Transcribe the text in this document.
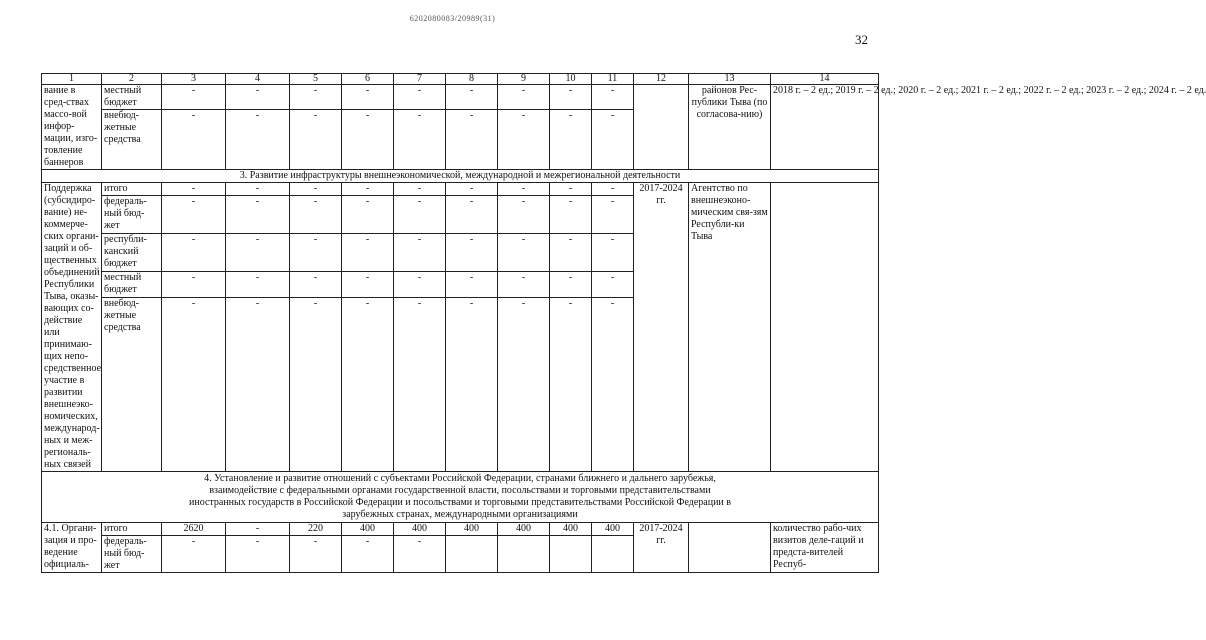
6202080083/20989(31)
32
1	2	3	4	5	6	7	8	9	10	11	12	13	14
вание в сред-ствах массо-вой инфор-мации, изго-товление баннеров	местный бюджет	-	-	-	-	-	-	-	-	-		районов Рес-публики Тыва (по согласова-нию)	2018 г. – 2 ед.; 2019 г. – 2 ед.; 2020 г. – 2 ед.; 2021 г. – 2 ед.; 2022 г. – 2 ед.; 2023 г. – 2 ед.; 2024 г. – 2 ед.
	внебюд-жетные средства	-	-	-	-	-	-	-	-	-			
3. Развитие инфраструктуры внешнеэкономической, международной и межрегиональной деятельности													
Поддержка (субсидиро-вание) не-коммерче-ских органи-заций и об-щественных объединений Республики Тыва, оказы-вающих со-действие или принимаю-щих непо-средственное участие в развитии внешнеэко-номических, международ-ных и меж-региональ-ных связей	итого	-	-	-	-	-	-	-	-	-	2017-2024 гг.	Агентство по внешнеэконо-мическим свя-зям Республи-ки Тыва	
	федераль-ный бюд-жет	-	-	-	-	-	-	-	-	-			
	республи-канский бюджет	-	-	-	-	-	-	-	-	-			
	местный бюджет	-	-	-	-	-	-	-	-	-			
	внебюд-жетные средства	-	-	-	-	-	-	-	-	-			
4. Установление и развитие отношений с субъектами Российской Федерации, странами ближнего и дальнего зарубежья, взаимодействие с федеральными органами государственной власти, посольствами и торговыми представительствами иностранных государств в Российской Федерации и посольствами и торговыми представительствами Российской Федерации в зарубежных странах, международными организациями													
4.1. Органи-зация и про-ведение официаль-	итого	2620	-	220	400	400	400	400	400	400	2017-2024 гг.		количество рабо-чих визитов деле-гаций и предста-вителей Респуб-
	федераль-ный бюд-жет	-	-	-	-	-							
